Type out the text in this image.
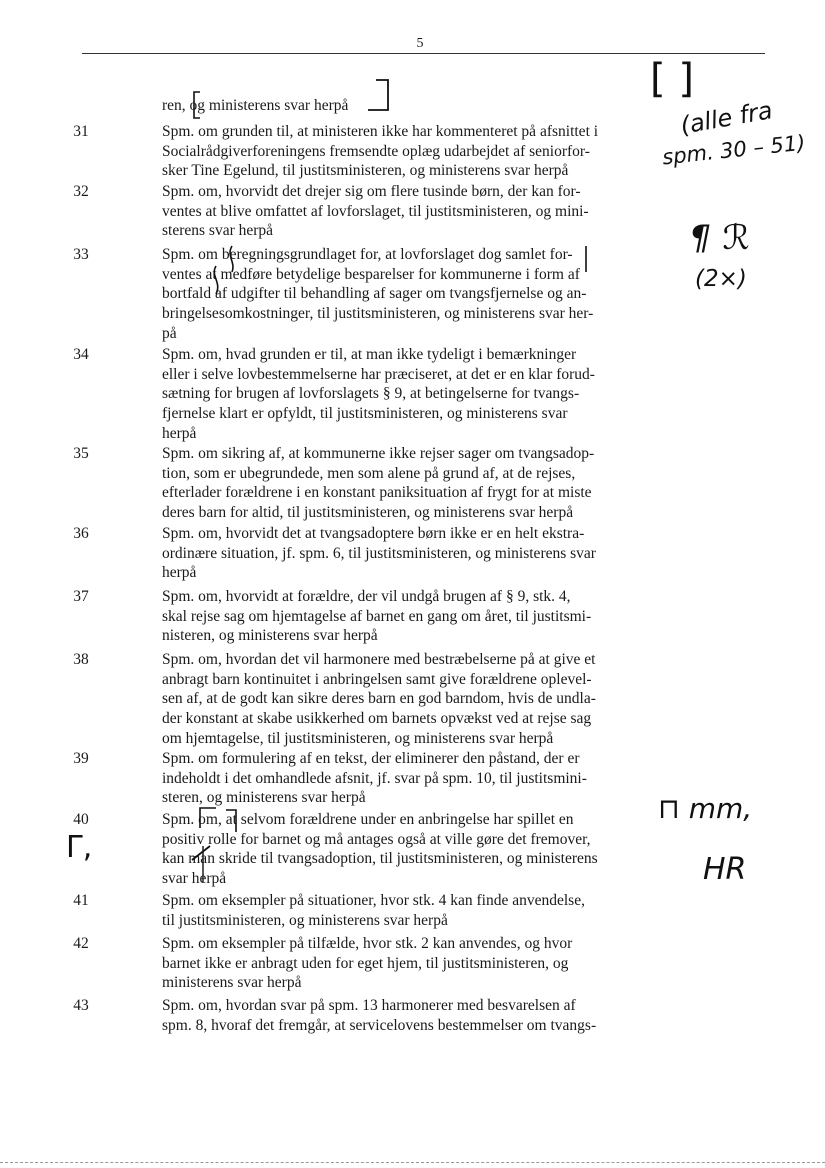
5
ren, og ministerens svar herpå
31	Spm. om grunden til, at ministeren ikke har kommenteret på afsnittet i
Socialrådgiverforeningens fremsendte oplæg udarbejdet af seniorfor-
sker Tine Egelund, til justitsministeren, og ministerens svar herpå
32	Spm. om, hvorvidt det drejer sig om flere tusinde børn, der kan for-
ventes at blive omfattet af lovforslaget, til justitsministeren, og mini-
sterens svar herpå
33	Spm. om beregningsgrundlaget for, at lovforslaget dog samlet for-
ventes at medføre betydelige besparelser for kommunerne i form af
bortfald af udgifter til behandling af sager om tvangsfjernelse og an-
bringelsesomkostninger, til justitsministeren, og ministerens svar her-
på
34	Spm. om, hvad grunden er til, at man ikke tydeligt i bemærkninger
eller i selve lovbestemmelserne har præciseret, at det er en klar forud-
sætning for brugen af lovforslagets § 9, at betingelserne for tvangs-
fjernelse klart er opfyldt, til justitsministeren, og ministerens svar
herpå
35	Spm. om sikring af, at kommunerne ikke rejser sager om tvangsadop-
tion, som er ubegrundede, men som alene på grund af, at de rejses,
efterlader forældrene i en konstant paniksituation af frygt for at miste
deres barn for altid, til justitsministeren, og ministerens svar herpå
36	Spm. om, hvorvidt det at tvangsadoptere børn ikke er en helt ekstra-
ordinære situation, jf. spm. 6, til justitsministeren, og ministerens svar
herpå
37	Spm. om, hvorvidt at forældre, der vil undgå brugen af § 9, stk. 4,
skal rejse sag om hjemtagelse af barnet en gang om året, til justitsmi-
nisteren, og ministerens svar herpå
38	Spm. om, hvordan det vil harmonere med bestræbelserne på at give et
anbragt barn kontinuitet i anbringelsen samt give forældrene oplevel-
sen af, at de godt kan sikre deres barn en god barndom, hvis de undla-
der konstant at skabe usikkerhed om barnets opvækst ved at rejse sag
om hjemtagelse, til justitsministeren, og ministerens svar herpå
39	Spm. om formulering af en tekst, der eliminerer den påstand, der er
indeholdt i det omhandlede afsnit, jf. svar på spm. 10, til justitsmini-
steren, og ministerens svar herpå
40	Spm. om, at selvom forældrene under en anbringelse har spillet en
positiv rolle for barnet og må antages også at ville gøre det fremover,
kan man skride til tvangsadoption, til justitsministeren, og ministerens
svar herpå
41	Spm. om eksempler på situationer, hvor stk. 4 kan finde anvendelse,
til justitsministeren, og ministerens svar herpå
42	Spm. om eksempler på tilfælde, hvor stk. 2 kan anvendes, og hvor
barnet ikke er anbragt uden for eget hjem, til justitsministeren, og
ministerens svar herpå
43	Spm. om, hvordan svar på spm. 13 harmonerer med besvarelsen af
spm. 8, hvoraf det fremgår, at servicelovens bestemmelser om tvangs-
[ ]
(alle fra
spm. 30 – 51)
¶ ℛ
(2×)
⊓ mm,
HR
Γ,
